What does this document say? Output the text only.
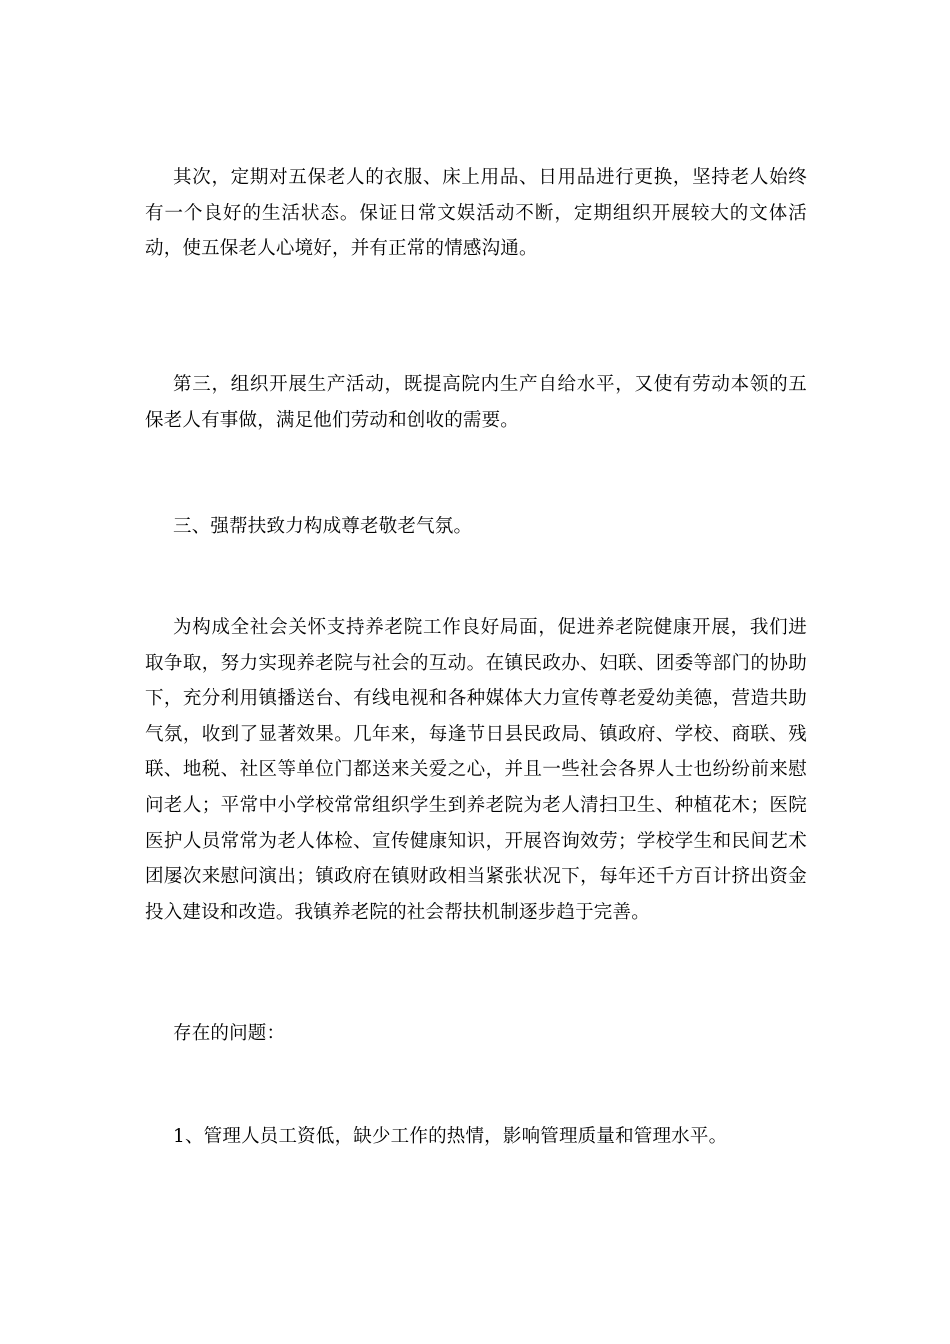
其次，定期对五保老人的衣服、床上用品、日用品进行更换，坚持老人始终有一个良好的生活状态。保证日常文娱活动不断，定期组织开展较大的文体活动，使五保老人心境好，并有正常的情感沟通。

第三，组织开展生产活动，既提高院内生产自给水平，又使有劳动本领的五保老人有事做，满足他们劳动和创收的需要。

三、强帮扶致力构成尊老敬老气氛。

为构成全社会关怀支持养老院工作良好局面，促进养老院健康开展，我们进取争取，努力实现养老院与社会的互动。在镇民政办、妇联、团委等部门的协助下，充分利用镇播送台、有线电视和各种媒体大力宣传尊老爱幼美德，营造共助气氛，收到了显著效果。几年来，每逢节日县民政局、镇政府、学校、商联、残联、地税、社区等单位门都送来关爱之心，并且一些社会各界人士也纷纷前来慰问老人；平常中小学校常常组织学生到养老院为老人清扫卫生、种植花木；医院医护人员常常为老人体检、宣传健康知识，开展咨询效劳；学校学生和民间艺术团屡次来慰问演出；镇政府在镇财政相当紧张状况下，每年还千方百计挤出资金投入建设和改造。我镇养老院的社会帮扶机制逐步趋于完善。

存在的问题：

1、管理人员工资低，缺少工作的热情，影响管理质量和管理水平。
